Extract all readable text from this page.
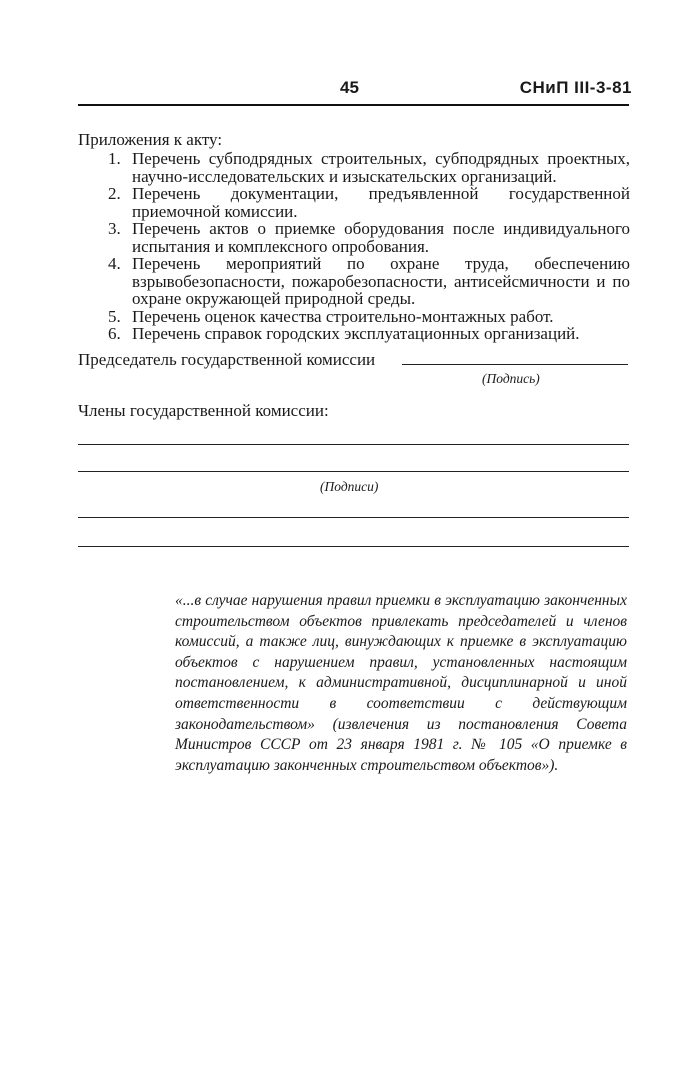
45	СНиП III-3-81
Приложения к акту:
1. Перечень субподрядных строительных, субподрядных проектных, научно-исследовательских и изыскательских организаций.
2. Перечень документации, предъявленной государственной приемочной комиссии.
3. Перечень актов о приемке оборудования после индивидуального испытания и комплексного опробования.
4. Перечень мероприятий по охране труда, обеспечению взрывобезопасности, пожаробезопасности, антисейсмичности и по охране окружающей природной среды.
5. Перечень оценок качества строительно-монтажных работ.
6. Перечень справок городских эксплуатационных организаций.
Председатель государственной комиссии
(Подпись)
Члены государственной комиссии:
(Подписи)

«...в случае нарушения правил приемки в эксплуатацию законченных строительством объектов привлекать председателей и членов комиссий, а также лиц, винуждающих к приемке в эксплуатацию объектов с нарушением правил, установленных настоящим постановлением, к административной, дисциплинарной и иной ответственности в соответствии с действующим законодательством» (извлечения из постановления Совета Министров СССР от 23 января 1981 г. № 105 «О приемке в эксплуатацию законченных строительством объектов»).
